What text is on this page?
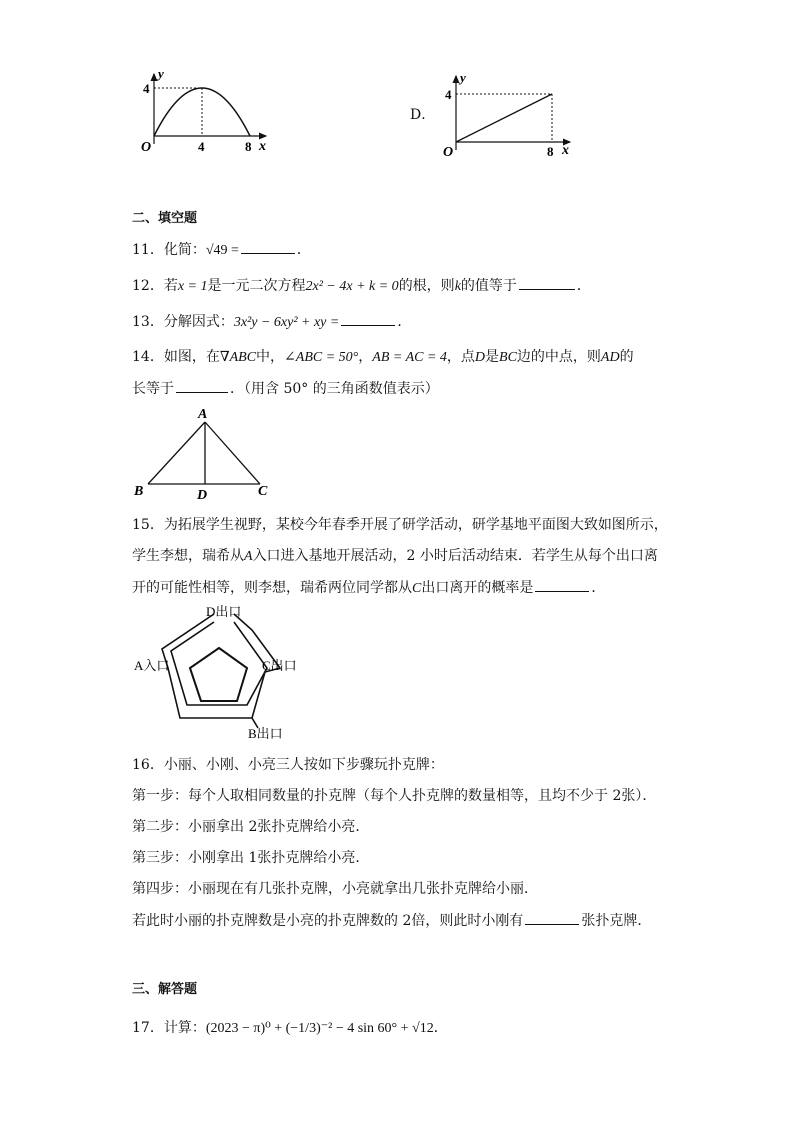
y
4
O	4	8 x
D．
y
4
O	8 x
二、填空题
11．化简：√49 =	．
12．若x = 1是一元二次方程2x² − 4x + k = 0的根，则k的值等于	．
13．分解因式：3x²y − 6xy² + xy =	．
14．如图，在∇ABC中，∠ABC = 50°，AB = AC = 4，点D是BC边的中点，则AD的
长等于	．（用含 50° 的三角函数值表示）
A
B	D	C
15．为拓展学生视野，某校今年春季开展了研学活动，研学基地平面图大致如图所示，
学生李想，瑞希从A入口进入基地开展活动，2 小时后活动结束．若学生从每个出口离
开的可能性相等，则李想，瑞希两位同学都从C出口离开的概率是	．
D出口
A入口	C出口
B出口
16．小丽、小刚、小亮三人按如下步骤玩扑克牌：
第一步：每个人取相同数量的扑克牌（每个人扑克牌的数量相等，且均不少于 2张）．
第二步：小丽拿出 2张扑克牌给小亮．
第三步：小刚拿出 1张扑克牌给小亮．
第四步：小丽现在有几张扑克牌，小亮就拿出几张扑克牌给小丽．
若此时小丽的扑克牌数是小亮的扑克牌数的 2倍，则此时小刚有	张扑克牌．
三、解答题
17．计算：(2023 − π)⁰ + (−1/3)⁻² − 4 sin 60° + √12．
